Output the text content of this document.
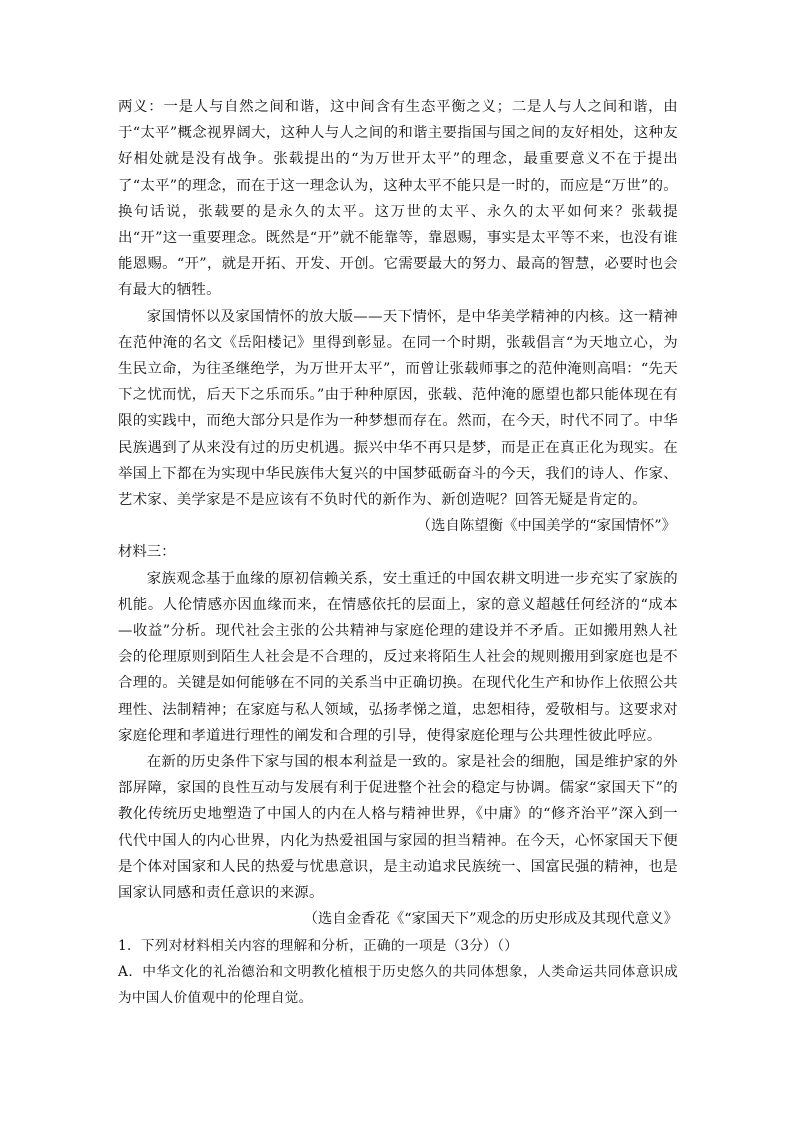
两义：一是人与自然之间和谐，这中间含有生态平衡之义；二是人与人之间和谐，由于“太平”概念视界阔大，这种人与人之间的和谐主要指国与国之间的友好相处，这种友好相处就是没有战争。张载提出的“为万世开太平”的理念，最重要意义不在于提出了“太平”的理念，而在于这一理念认为，这种太平不能只是一时的，而应是“万世”的。换句话说，张载要的是永久的太平。这万世的太平、永久的太平如何来？张载提出“开”这一重要理念。既然是“开”就不能靠等，靠恩赐，事实是太平等不来，也没有谁能恩赐。“开”，就是开拓、开发、开创。它需要最大的努力、最高的智慧，必要时也会有最大的牺牲。

家国情怀以及家国情怀的放大版——天下情怀，是中华美学精神的内核。这一精神在范仲淹的名文《岳阳楼记》里得到彰显。在同一个时期，张载倡言“为天地立心，为生民立命，为往圣继绝学，为万世开太平”，而曾让张载师事之的范仲淹则高唱：“先天下之忧而忧，后天下之乐而乐。”由于种种原因，张载、范仲淹的愿望也都只能体现在有限的实践中，而绝大部分只是作为一种梦想而存在。然而，在今天，时代不同了。中华民族遇到了从来没有过的历史机遇。振兴中华不再只是梦，而是正在真正化为现实。在举国上下都在为实现中华民族伟大复兴的中国梦砥砺奋斗的今天，我们的诗人、作家、艺术家、美学家是不是应该有不负时代的新作为、新创造呢？回答无疑是肯定的。

（选自陈望衡《中国美学的“家国情怀”》

材料三：

家族观念基于血缘的原初信赖关系，安土重迁的中国农耕文明进一步充实了家族的机能。人伦情感亦因血缘而来，在情感依托的层面上，家的意义超越任何经济的“成本—收益”分析。现代社会主张的公共精神与家庭伦理的建设并不矛盾。正如搬用熟人社会的伦理原则到陌生人社会是不合理的，反过来将陌生人社会的规则搬用到家庭也是不合理的。关键是如何能够在不同的关系当中正确切换。在现代化生产和协作上依照公共理性、法制精神；在家庭与私人领域，弘扬孝悌之道，忠恕相待，爱敬相与。这要求对家庭伦理和孝道进行理性的阐发和合理的引导，使得家庭伦理与公共理性彼此呼应。

在新的历史条件下家与国的根本利益是一致的。家是社会的细胞，国是维护家的外部屏障，家国的良性互动与发展有利于促进整个社会的稳定与协调。儒家“家国天下”的教化传统历史地塑造了中国人的内在人格与精神世界，《中庸》的“修齐治平”深入到一代代中国人的内心世界，内化为热爱祖国与家园的担当精神。在今天，心怀家国天下便是个体对国家和人民的热爱与忧患意识，是主动追求民族统一、国富民强的精神，也是国家认同感和责任意识的来源。

（选自金香花《“家国天下”观念的历史形成及其现代意义》

1．下列对材料相关内容的理解和分析，正确的一项是（3分）（）

A．中华文化的礼治德治和文明教化植根于历史悠久的共同体想象，人类命运共同体意识成为中国人价值观中的伦理自觉。
